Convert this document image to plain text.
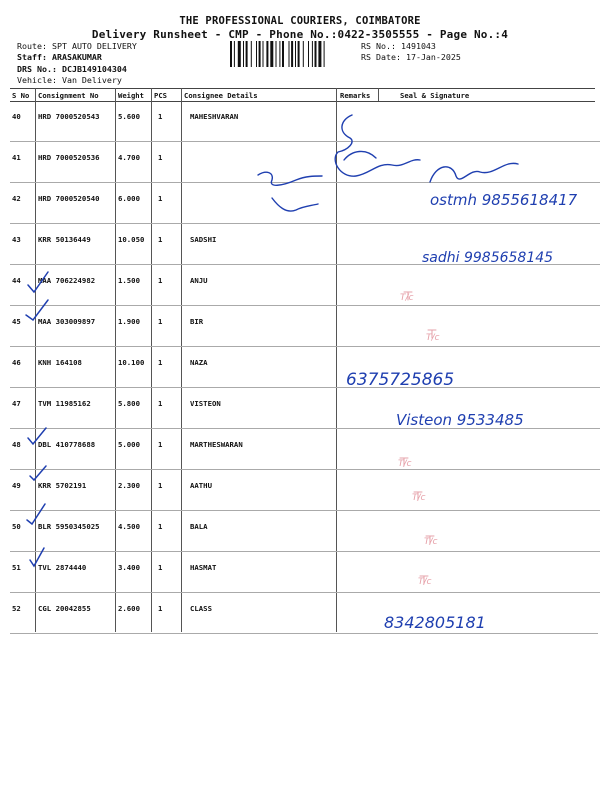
THE PROFESSIONAL COURIERS, COIMBATORE
Delivery Runsheet - CMP - Phone No.:0422-3505555 - Page No.:4
Route: SPT AUTO DELIVERY
Staff: ARASAKUMAR
DRS No.: DCJB149104304
Vehicle: Van Delivery
RS No.: 1491043
RS Date: 17-Jan-2025
S No Consignment No	Weight PCS Consignee Details	Remarks	Seal & Signature
40 HRD 7000520543	5.600 1	MAHESHVARAN
41 HRD 7000520536	4.700 1
42 HRD 7000520540	6.000 1
43 KRR 50136449	10.050 1	SADSHI
44 MAA 706224982	1.500 1	ANJU
45 MAA 303009897	1.900 1	BIR
46 KNH 164108	10.100 1	NAZA
47 TVM 11985162	5.800 1	VISTEON
48 DBL 410778688	5.000 1	MARTHESWARAN
49 KRR 5702191	2.300 1	AATHU
50 BLR 5950345025	4.500 1	BALA
51 TVL 2874440	3.400 1	HASMAT
52 CGL 20042855	2.600 1	CLASS
ostmh 9855618417
sadhi 9985658145
T/c
T/c
6375725865
Visteon 9533485
T/c
T/c
T/c
T/c
8342805181
